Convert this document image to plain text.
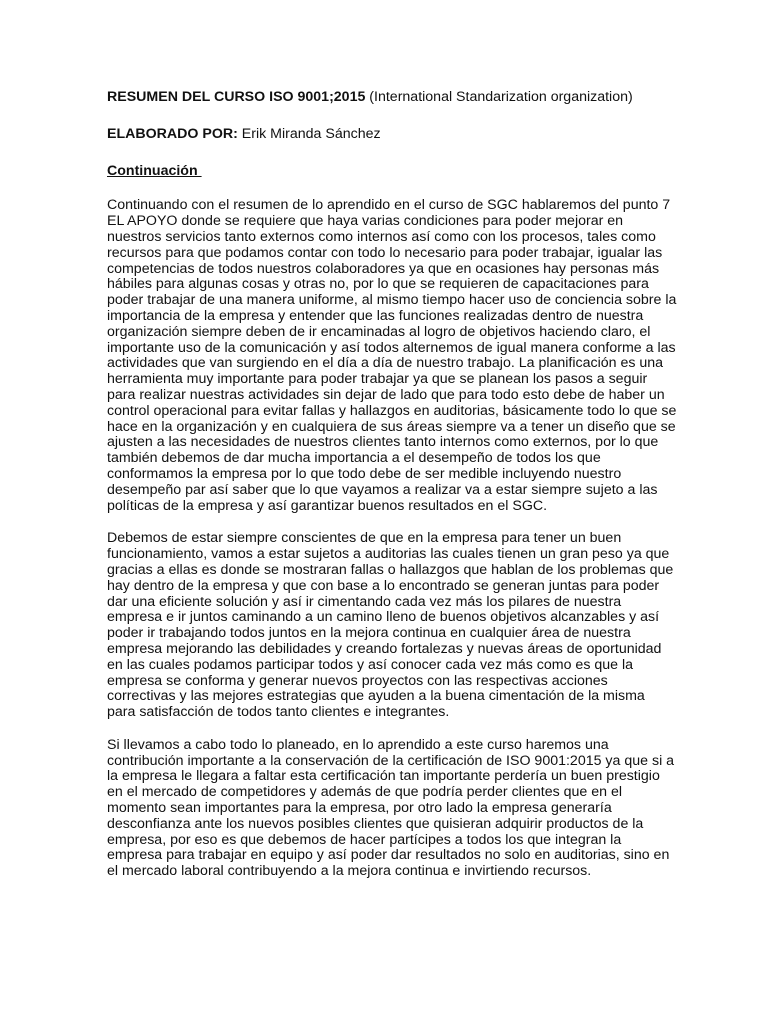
RESUMEN DEL CURSO ISO 9001;2015 (International Standarization organization)

ELABORADO POR: Erik Miranda Sánchez

Continuación

Continuando con el resumen de lo aprendido en el curso de SGC hablaremos del punto 7
EL APOYO donde se requiere que haya varias condiciones para poder mejorar en
nuestros servicios tanto externos como internos así como con los procesos, tales como
recursos para que podamos contar con todo lo necesario para poder trabajar, igualar las
competencias de todos nuestros colaboradores ya que en ocasiones hay personas más
hábiles para algunas cosas y otras no, por lo que se requieren de capacitaciones para
poder trabajar de una manera uniforme, al mismo tiempo hacer uso de conciencia sobre la
importancia de la empresa y entender que las funciones realizadas dentro de nuestra
organización siempre deben de ir encaminadas al logro de objetivos haciendo claro, el
importante uso de la comunicación y así todos alternemos de igual manera conforme a las
actividades que van surgiendo en el día a día de nuestro trabajo. La planificación es una
herramienta muy importante para poder trabajar ya que se planean los pasos a seguir
para realizar nuestras actividades sin dejar de lado que para todo esto debe de haber un
control operacional para evitar fallas y hallazgos en auditorias, básicamente todo lo que se
hace en la organización y en cualquiera de sus áreas siempre va a tener un diseño que se
ajusten a las necesidades de nuestros clientes tanto internos como externos, por lo que
también debemos de dar mucha importancia a el desempeño de todos los que
conformamos la empresa por lo que todo debe de ser medible incluyendo nuestro
desempeño par así saber que lo que vayamos a realizar va a estar siempre sujeto a las
políticas de la empresa y así garantizar buenos resultados en el SGC.

Debemos de estar siempre conscientes de que en la empresa para tener un buen
funcionamiento, vamos a estar sujetos a auditorias las cuales tienen un gran peso ya que
gracias a ellas es donde se mostraran fallas o hallazgos que hablan de los problemas que
hay dentro de la empresa y que con base a lo encontrado se generan juntas para poder
dar una eficiente solución y así ir cimentando cada vez más los pilares de nuestra
empresa e ir juntos caminando a un camino lleno de buenos objetivos alcanzables y así
poder ir trabajando todos juntos en la mejora continua en cualquier área de nuestra
empresa mejorando las debilidades y creando fortalezas y nuevas áreas de oportunidad
en las cuales podamos participar todos y así conocer cada vez más como es que la
empresa se conforma y generar nuevos proyectos con las respectivas acciones
correctivas y las mejores estrategias que ayuden a la buena cimentación de la misma
para satisfacción de todos tanto clientes e integrantes.

Si llevamos a cabo todo lo planeado, en lo aprendido a este curso haremos una
contribución importante a la conservación de la certificación de ISO 9001:2015 ya que si a
la empresa le llegara a faltar esta certificación tan importante perdería un buen prestigio
en el mercado de competidores y además de que podría perder clientes que en el
momento sean importantes para la empresa, por otro lado la empresa generaría
desconfianza ante los nuevos posibles clientes que quisieran adquirir productos de la
empresa, por eso es que debemos de hacer partícipes a todos los que integran la
empresa para trabajar en equipo y así poder dar resultados no solo en auditorias, sino en
el mercado laboral contribuyendo a la mejora continua e invirtiendo recursos.
